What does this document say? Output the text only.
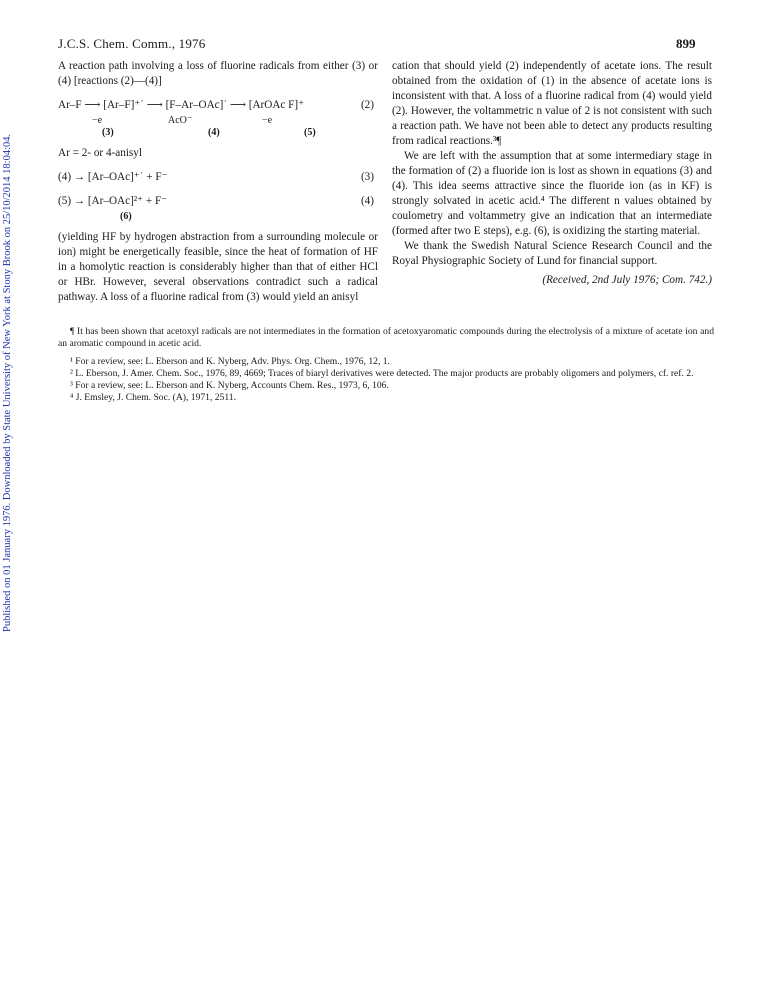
Published on 01 January 1976. Downloaded by State University of New York at Stony Brook on 25/10/2014 18:04:04.
J.C.S. Chem. Comm., 1976	899
A reaction path involving a loss of fluorine radicals from either (3) or (4) [reactions (2)—(4)]
Ar–F ⟶ [Ar–F]⁺˙ ⟶ [F–Ar–OAc]˙ ⟶ [ArOAc F]⁺	(2)
−e	AcO⁻	−e
(3)	(4)	(5)
Ar = 2- or 4-anisyl
(4) → [Ar–OAc]⁺˙ + F⁻	(3)
(5) → [Ar–OAc]²⁺ + F⁻	(4)
(6)
(yielding HF by hydrogen abstraction from a surrounding molecule or ion) might be energetically feasible, since the heat of formation of HF in a homolytic reaction is considerably higher than that of either HCl or HBr. However, several observations contradict such a radical pathway. A loss of a fluorine radical from (3) would yield an anisyl
cation that should yield (2) independently of acetate ions. The result obtained from the oxidation of (1) in the absence of acetate ions is inconsistent with that. A loss of a fluorine radical from (4) would yield (2). However, the voltammetric n value of 2 is not consistent with such a reaction path. We have not been able to detect any products resulting from radical reactions.³¶
We are left with the assumption that at some intermediary stage in the formation of (2) a fluoride ion is lost as shown in equations (3) and (4). This idea seems attractive since the fluoride ion (as in KF) is strongly solvated in acetic acid.⁴ The different n values obtained by coulometry and voltammetry give an indication that an intermediate (formed after two E steps), e.g. (6), is oxidizing the starting material.
We thank the Swedish Natural Science Research Council and the Royal Physiographic Society of Lund for financial support.
(Received, 2nd July 1976; Com. 742.)
¶ It has been shown that acetoxyl radicals are not intermediates in the formation of acetoxyaromatic compounds during the electrolysis of a mixture of acetate ion and an aromatic compound in acetic acid.
¹ For a review, see: L. Eberson and K. Nyberg, Adv. Phys. Org. Chem., 1976, 12, 1.
² L. Eberson, J. Amer. Chem. Soc., 1976, 89, 4669; Traces of biaryl derivatives were detected. The major products are probably oligomers and polymers, cf. ref. 2.
³ For a review, see: L. Eberson and K. Nyberg, Accounts Chem. Res., 1973, 6, 106.
⁴ J. Emsley, J. Chem. Soc. (A), 1971, 2511.
